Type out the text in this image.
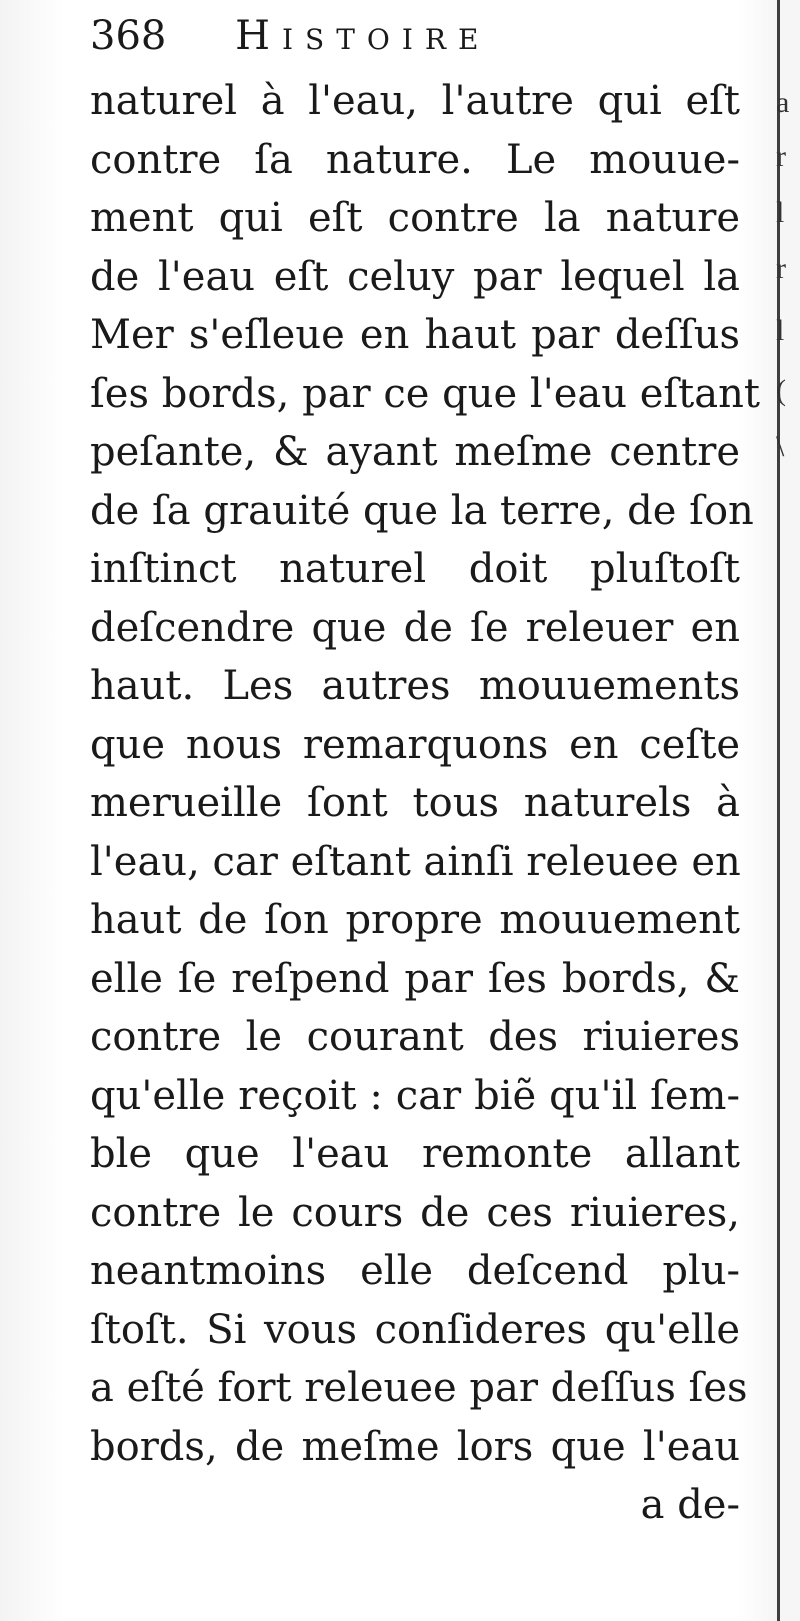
368 Histoire
naturel à l'eau, l'autre qui eſt
contre ſa nature. Le mouue-
ment qui eſt contre la nature
de l'eau eſt celuy par lequel la
Mer s'eſleue en haut par deſſus
ſes bords, par ce que l'eau eſtant
peſante, & ayant meſme centre
de ſa grauité que la terre, de ſon
inſtinct naturel doit pluſtoſt
deſcendre que de ſe releuer en
haut. Les autres mouuements
que nous remarquons en ceſte
merueille ſont tous naturels à
l'eau, car eſtant ainſi releuee en
haut de ſon propre mouuement
elle ſe reſpend par ſes bords, &
contre le courant des riuieres
qu'elle reçoit : car biẽ qu'il ſem-
ble que l'eau remonte allant
contre le cours de ces riuieres,
neantmoins elle deſcend plu-
ſtoſt. Si vous conſideres qu'elle
a eſté fort releuee par deſſus ſes
bords, de meſme lors que l'eau
a de-
a
r
l
r
l
(
\
